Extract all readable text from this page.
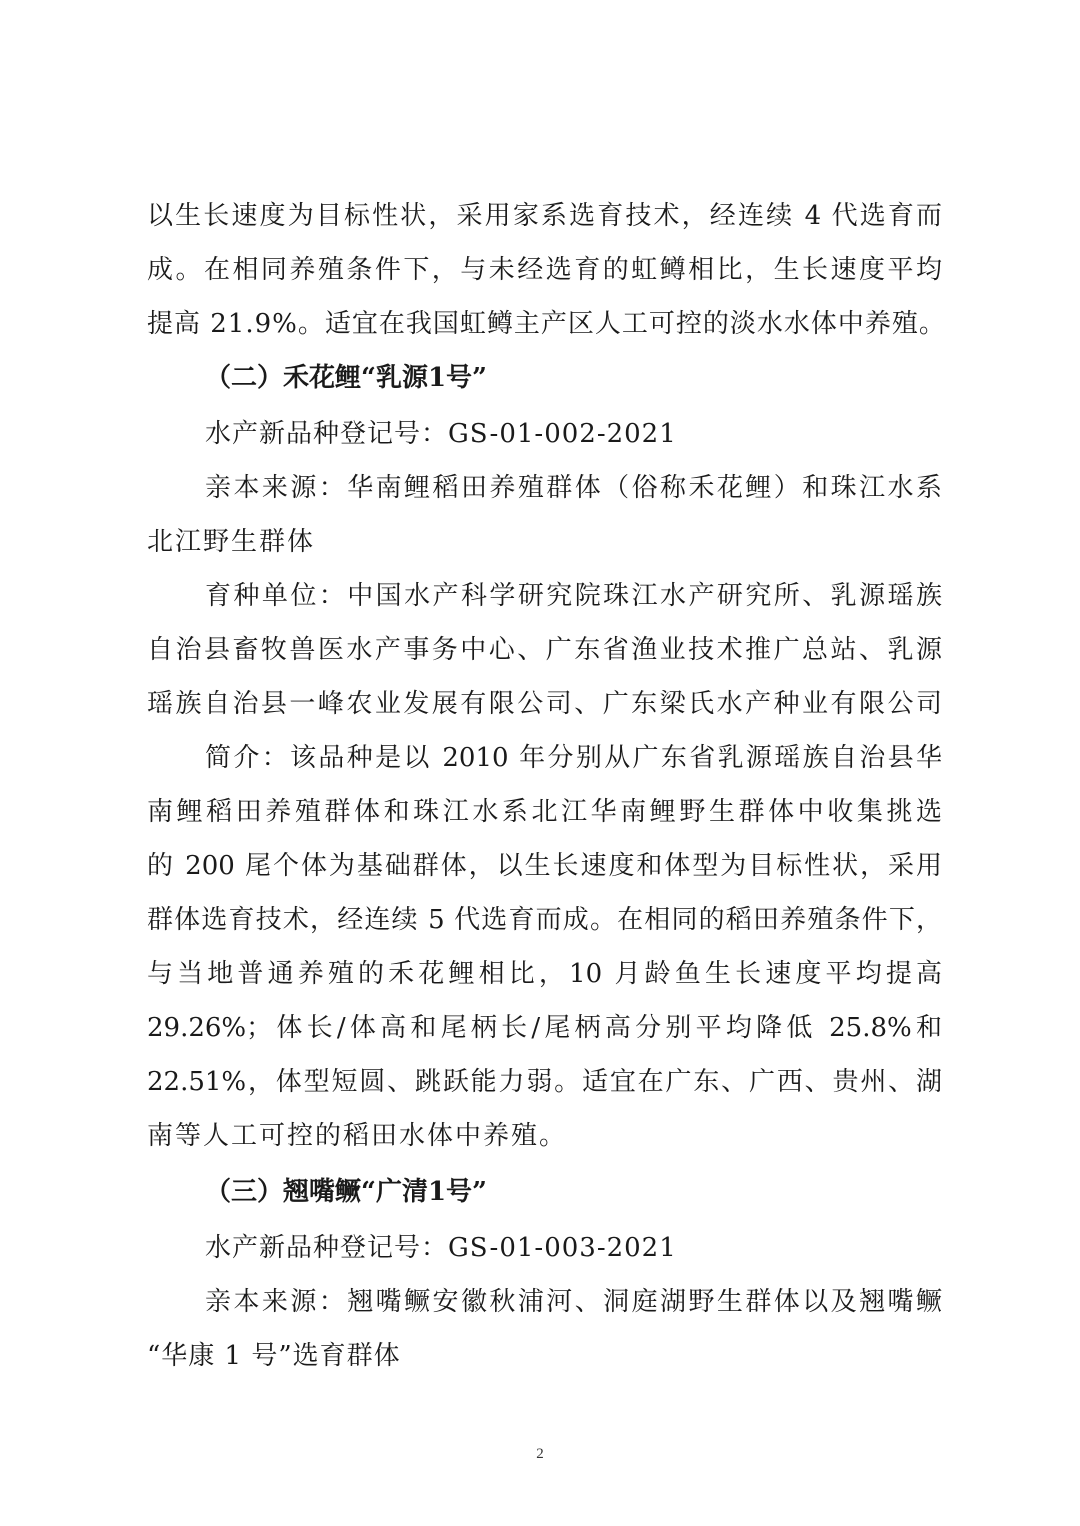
以生长速度为目标性状，采用家系选育技术，经连续 4 代选育而
成。在相同养殖条件下，与未经选育的虹鳟相比，生长速度平均
提高 21.9%。适宜在我国虹鳟主产区人工可控的淡水水体中养殖。
（二）禾花鲤“乳源1号”
水产新品种登记号：GS-01-002-2021
亲本来源：华南鲤稻田养殖群体（俗称禾花鲤）和珠江水系
北江野生群体
育种单位：中国水产科学研究院珠江水产研究所、乳源瑶族
自治县畜牧兽医水产事务中心、广东省渔业技术推广总站、乳源
瑶族自治县一峰农业发展有限公司、广东梁氏水产种业有限公司
简介：该品种是以 2010 年分别从广东省乳源瑶族自治县华
南鲤稻田养殖群体和珠江水系北江华南鲤野生群体中收集挑选
的 200 尾个体为基础群体，以生长速度和体型为目标性状，采用
群体选育技术，经连续 5 代选育而成。在相同的稻田养殖条件下，
与当地普通养殖的禾花鲤相比，10 月龄鱼生长速度平均提高
29.26%；体长/体高和尾柄长/尾柄高分别平均降低 25.8%和
22.51%，体型短圆、跳跃能力弱。适宜在广东、广西、贵州、湖
南等人工可控的稻田水体中养殖。
（三）翘嘴鳜“广清1号”
水产新品种登记号：GS-01-003-2021
亲本来源：翘嘴鳜安徽秋浦河、洞庭湖野生群体以及翘嘴鳜
“华康 1 号”选育群体
2
